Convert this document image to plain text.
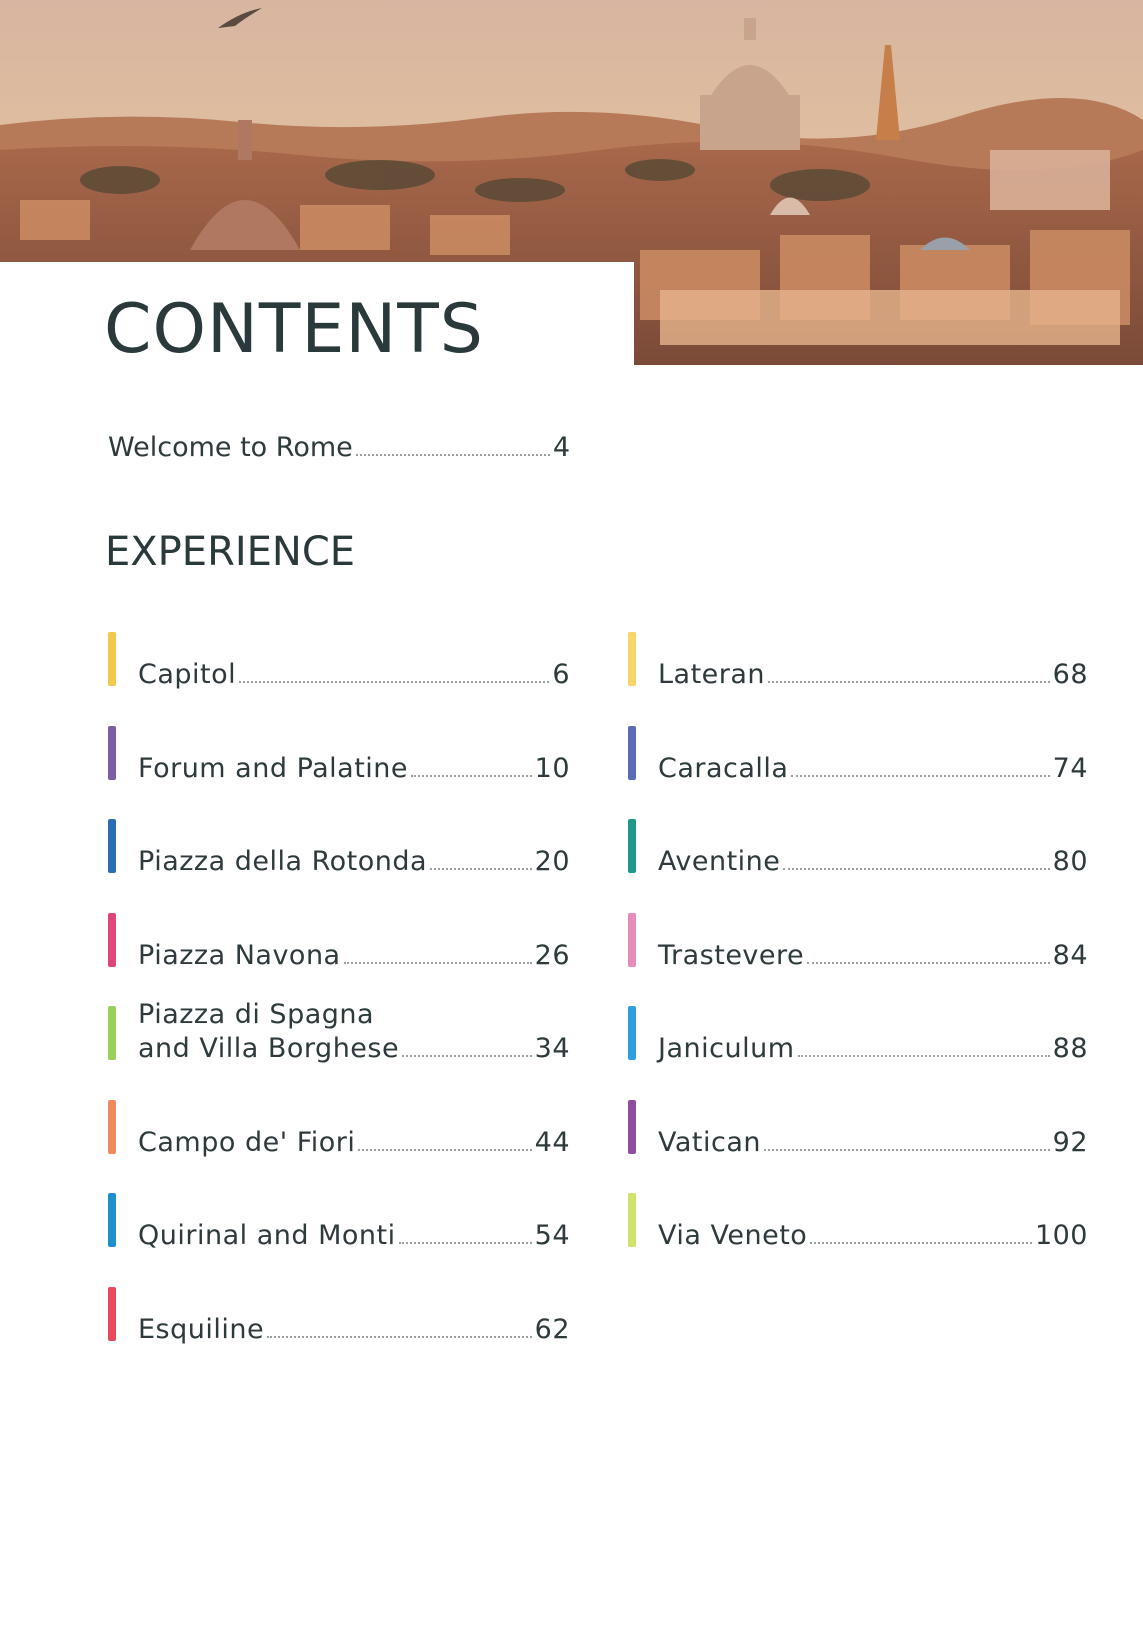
CONTENTS
Welcome to Rome	4
EXPERIENCE
Capitol	6
Forum and Palatine	10
Piazza della Rotonda	20
Piazza Navona	26
Piazza di Spagna
and Villa Borghese	34
Campo de' Fiori	44
Quirinal and Monti	54
Esquiline	62
Lateran	68
Caracalla	74
Aventine	80
Trastevere	84
Janiculum	88
Vatican	92
Via Veneto	100
